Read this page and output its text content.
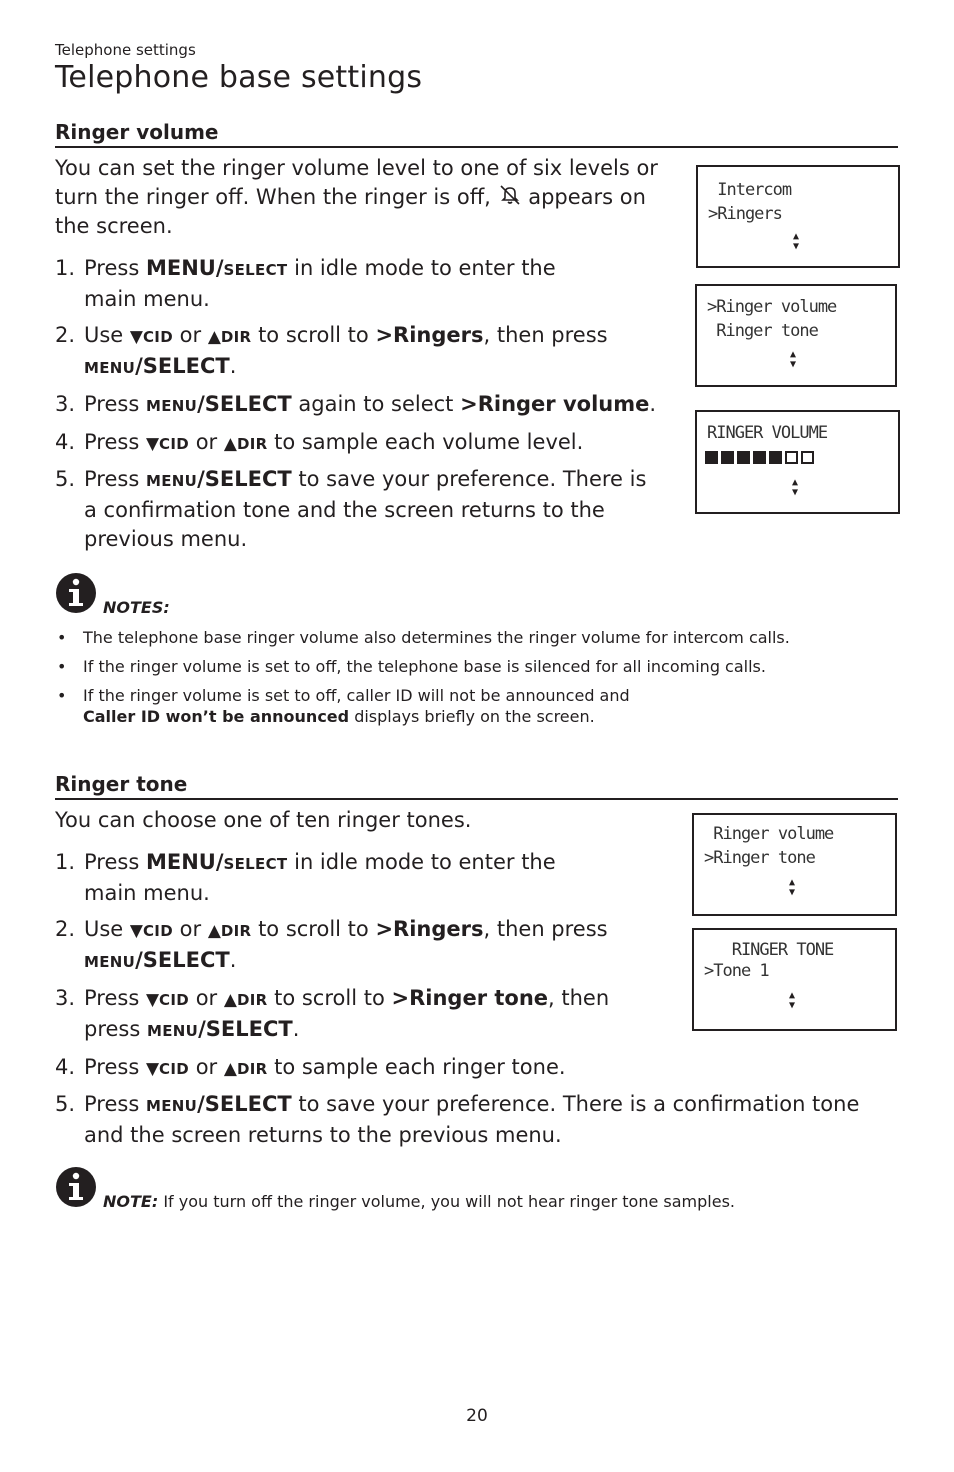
Telephone settings
Telephone base settings
Ringer volume

You can set the ringer volume level to one of six levels or

turn the ringer off. When the ringer is off, appears on

the screen.

1. Press MENU/SELECT in idle mode to enter the
main menu.
2. Use ▼CID or ▲DIR to scroll to >Ringers, then press
MENU/SELECT.
3. Press MENU/SELECT again to select >Ringer volume.
4. Press ▼CID or ▲DIR to sample each volume level.
5. Press MENU/SELECT to save your preference. There is
a confirmation tone and the screen returns to the
previous menu.
Intercom
>Ringers
▲
▼
>Ringer volume
Ringer tone
▲
▼
RINGER VOLUME
▲
▼
NOTES:
• The telephone base ringer volume also determines the ringer volume for intercom calls.
• If the ringer volume is set to off, the telephone base is silenced for all incoming calls.
• If the ringer volume is set to off, caller ID will not be announced and
Caller ID won’t be announced displays briefly on the screen.
Ringer tone

You can choose one of ten ringer tones.

1. Press MENU/SELECT in idle mode to enter the
main menu.
2. Use ▼CID or ▲DIR to scroll to >Ringers, then press
MENU/SELECT.
3. Press ▼CID or ▲DIR to scroll to >Ringer tone, then
press MENU/SELECT.
4. Press ▼CID or ▲DIR to sample each ringer tone.
5. Press MENU/SELECT to save your preference. There is a confirmation tone
and the screen returns to the previous menu.
Ringer volume
>Ringer tone
▲
▼
RINGER TONE
>Tone 1
▲
▼
NOTE: If you turn off the ringer volume, you will not hear ringer tone samples.
20
